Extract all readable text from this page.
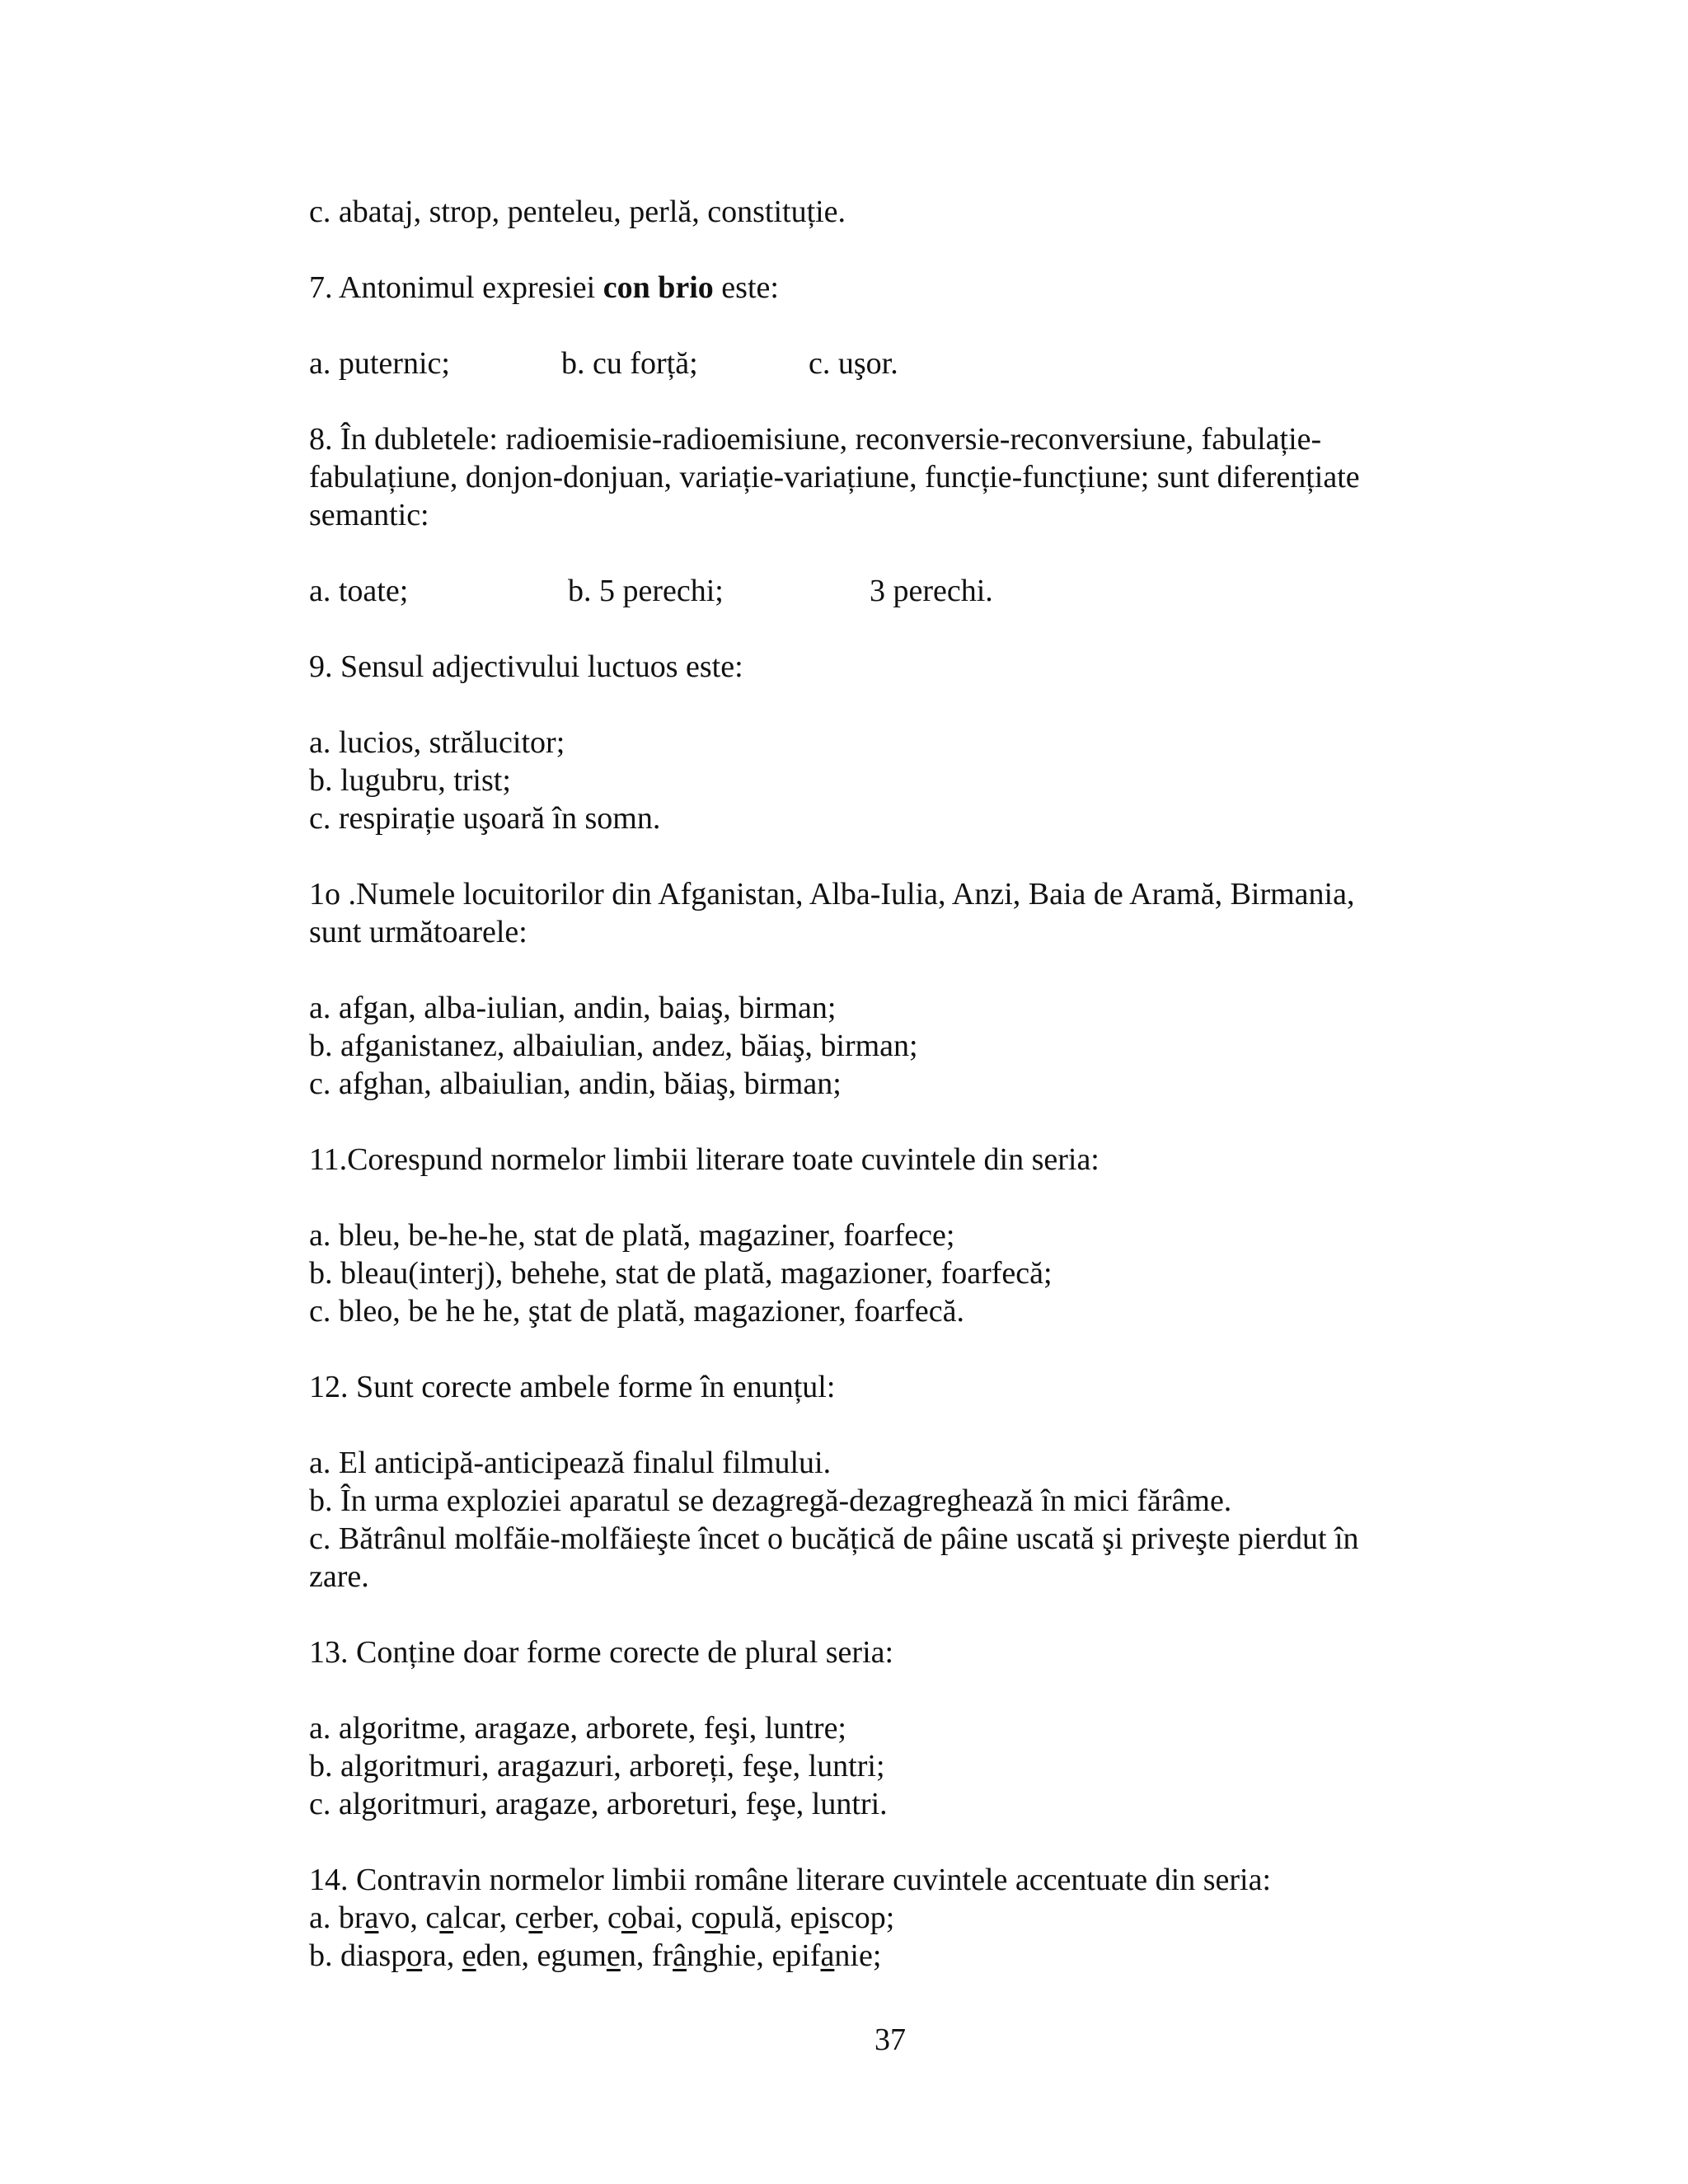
c. abataj, strop, penteleu, perlă, constituție.
7. Antonimul expresiei con brio este:
a. puternic;	b. cu forță;	c. uşor.
8. În dubletele: radioemisie-radioemisiune, reconversie-reconversiune, fabulație-
fabulațiune, donjon-donjuan, variație-variațiune, funcție-funcțiune; sunt diferențiate
semantic:
a. toate;	b. 5 perechi;	3 perechi.
9. Sensul adjectivului luctuos este:
a. lucios, strălucitor;
b. lugubru, trist;
c. respirație uşoară în somn.
1o .Numele locuitorilor din Afganistan, Alba-Iulia, Anzi, Baia de Aramă, Birmania,
sunt următoarele:
a. afgan, alba-iulian, andin, baiaş, birman;
b. afganistanez, albaiulian, andez, băiaş, birman;
c. afghan, albaiulian, andin, băiaş, birman;
11.Corespund normelor limbii literare toate cuvintele din seria:
a. bleu, be-he-he, stat de plată, magaziner, foarfece;
b. bleau(interj), behehe, stat de plată, magazioner, foarfecă;
c. bleo, be he he, ştat de plată, magazioner, foarfecă.
12. Sunt corecte ambele forme în enunțul:
a. El anticipă-anticipează finalul filmului.
b. În urma exploziei aparatul se dezagregă-dezagreghează în mici fărâme.
c. Bătrânul molfăie-molfăieşte încet o bucățică de pâine uscată şi priveşte pierdut în
zare.
13. Conține doar forme corecte de plural seria:
a. algoritme, aragaze, arborete, feşi, luntre;
b. algoritmuri, aragazuri, arboreți, feşe, luntri;
c. algoritmuri, aragaze, arboreturi, feşe, luntri.
14. Contravin normelor limbii române literare cuvintele accentuate din seria:
a. bravo, calcar, cerber, cobai, copulă, episcop;
b. diaspora, eden, egumen, frânghie, epifanie;
37
